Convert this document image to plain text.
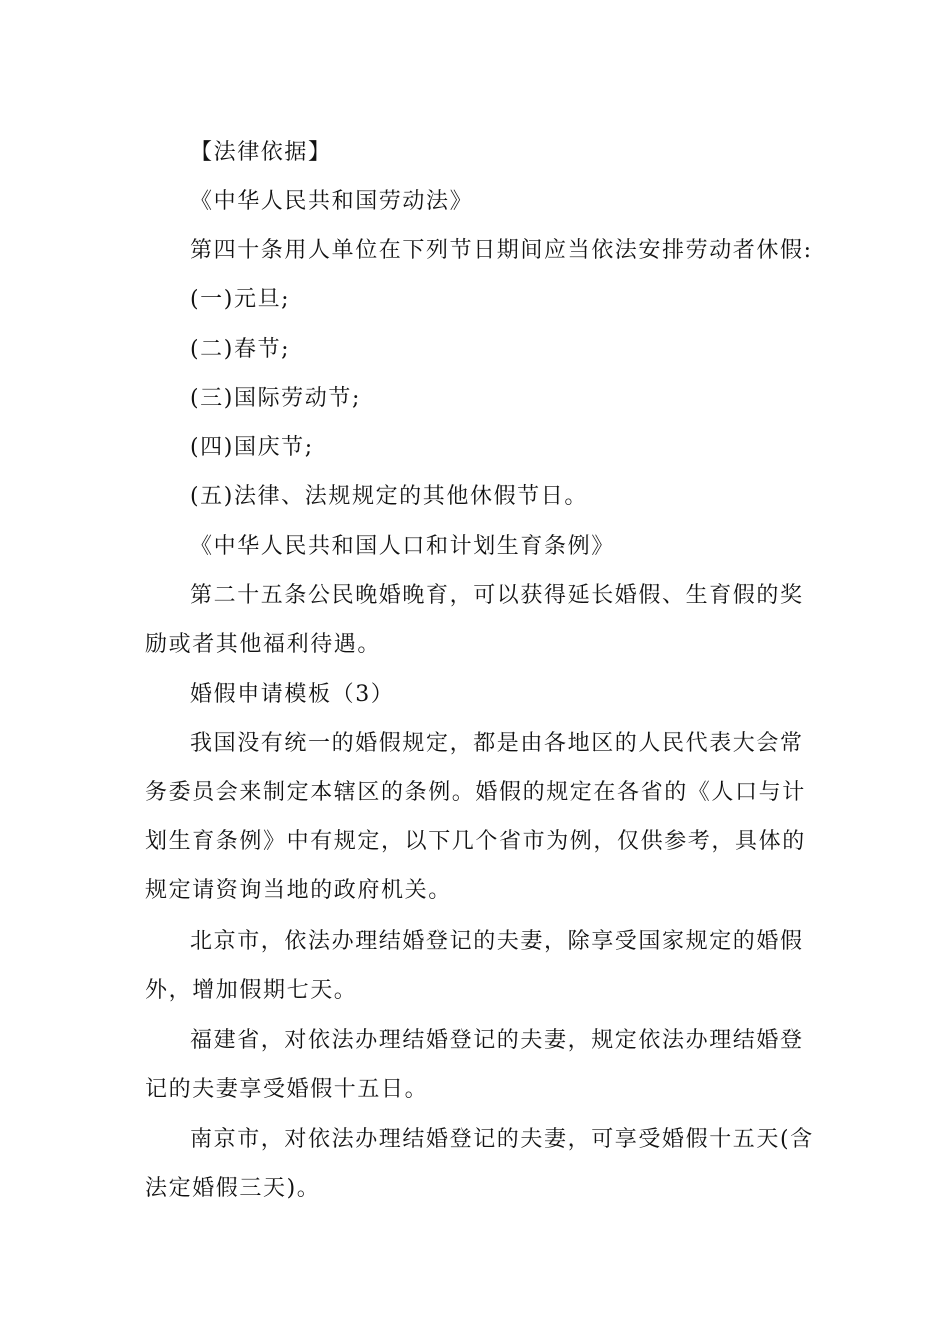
【法律依据】

《中华人民共和国劳动法》

第四十条用人单位在下列节日期间应当依法安排劳动者休假:

(一)元旦;

(二)春节;

(三)国际劳动节;

(四)国庆节;

(五)法律、法规规定的其他休假节日。

《中华人民共和国人口和计划生育条例》

第二十五条公民晚婚晚育，可以获得延长婚假、生育假的奖励或者其他福利待遇。

婚假申请模板（3）

我国没有统一的婚假规定，都是由各地区的人民代表大会常务委员会来制定本辖区的条例。婚假的规定在各省的《人口与计划生育条例》中有规定，以下几个省市为例，仅供参考，具体的规定请资询当地的政府机关。

北京市，依法办理结婚登记的夫妻，除享受国家规定的婚假外，增加假期七天。

福建省，对依法办理结婚登记的夫妻，规定依法办理结婚登记的夫妻享受婚假十五日。

南京市，对依法办理结婚登记的夫妻，可享受婚假十五天(含法定婚假三天)。
